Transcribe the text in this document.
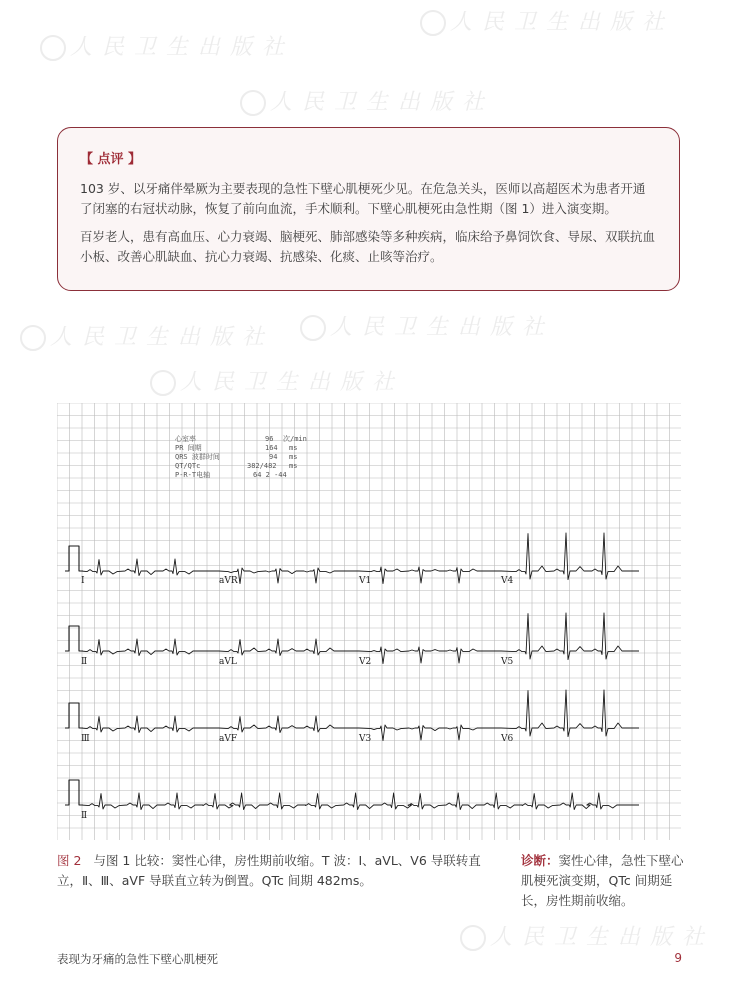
人民卫生出版社
人民卫生出版社
人民卫生出版社
人民卫生出版社
人民卫生出版社
人民卫生出版社
人民卫生出版社

【 点评 】

103 岁、以牙痛伴晕厥为主要表现的急性下壁心肌梗死少见。在危急关头，医师以高超医术为患者开通了闭塞的右冠状动脉，恢复了前向血流，手术顺利。下壁心肌梗死由急性期（图 1）进入演变期。

百岁老人，患有高血压、心力衰竭、脑梗死、肺部感染等多种疾病，临床给予鼻饲饮食、导尿、双联抗血小板、改善心肌缺血、抗心力衰竭、抗感染、化痰、止咳等治疗。

心室率	96 次/min
PR 间期	164 ms
QRS 波群时间	94 ms
QT/QTc	382/482 ms
P-R-T电轴	64 2 -44
Ⅰ	aVR	V1	V4
Ⅱ	aVL	V2	V5
Ⅲ	aVF	V3	V6
Ⅱ
图 2 与图 1 比较：窦性心律，房性期前收缩。T 波：Ⅰ、aVL、V6 导联转直立，Ⅱ、Ⅲ、aVF 导联直立转为倒置。QTc 间期 482ms。
诊断：窦性心律，急性下壁心肌梗死演变期，QTc 间期延长，房性期前收缩。
表现为牙痛的急性下壁心肌梗死	9
